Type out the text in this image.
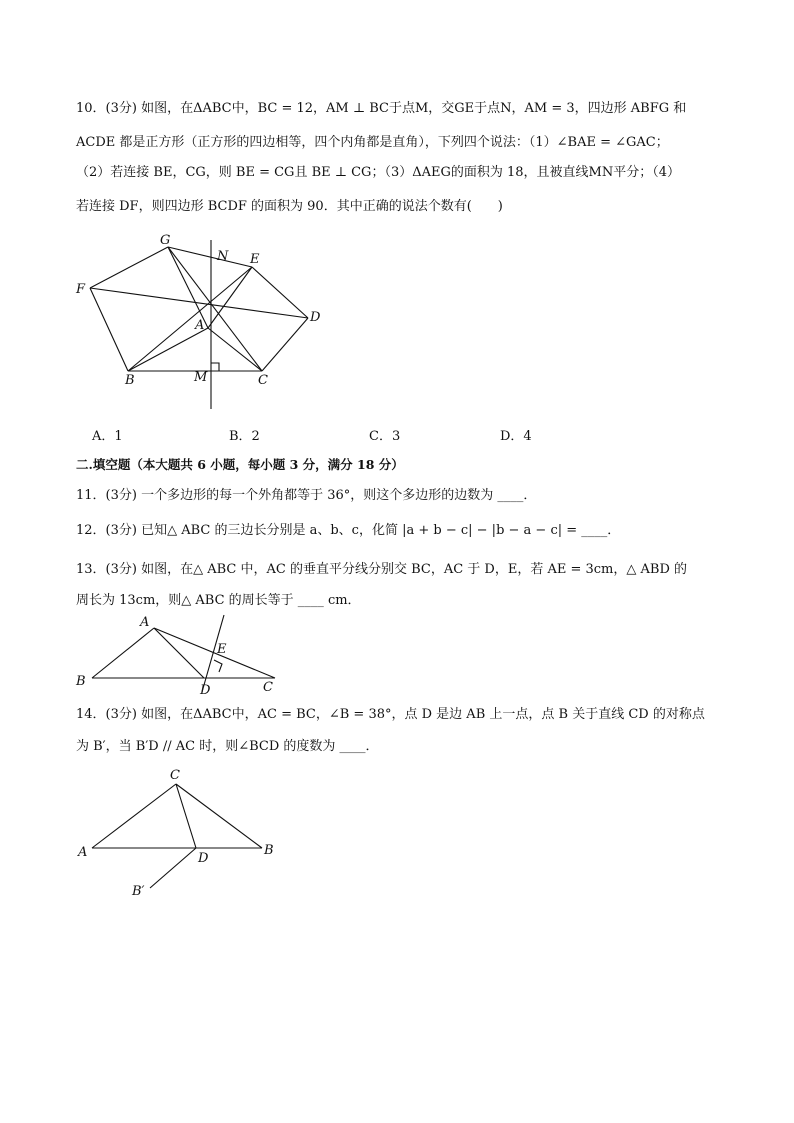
10．(3分) 如图，在ΔABC中，BC = 12，AM ⊥ BC于点M，交GE于点N，AM = 3，四边形 ABFG 和
ACDE 都是正方形（正方形的四边相等，四个内角都是直角），下列四个说法：（1）∠BAE = ∠GAC；
（2）若连接 BE，CG，则 BE = CG且 BE ⊥ CG；（3）ΔAEG的面积为 18，且被直线MN平分；（4）
若连接 DF，则四边形 BCDF 的面积为 90．其中正确的说法个数有(　　)
G
N E
F
A
D
B	M	C
A．1	B．2	C．3	D．4
二.填空题（本大题共 6 小题，每小题 3 分，满分 18 分）
11．(3分) 一个多边形的每一个外角都等于 36°，则这个多边形的边数为 ____．
12．(3分) 已知△ ABC 的三边长分别是 a、b、c，化简 |a + b − c| − |b − a − c| = ____．
13．(3分) 如图，在△ ABC 中，AC 的垂直平分线分别交 BC，AC 于 D，E，若 AE = 3cm，△ ABD 的
周长为 13cm，则△ ABC 的周长等于 ____ cm．
A
E
B
D	C
14．(3分) 如图，在ΔABC中，AC = BC，∠B = 38°，点 D 是边 AB 上一点，点 B 关于直线 CD 的对称点
为 B′，当 B′D // AC 时，则∠BCD 的度数为 ____．
C
A	D
B
B′
